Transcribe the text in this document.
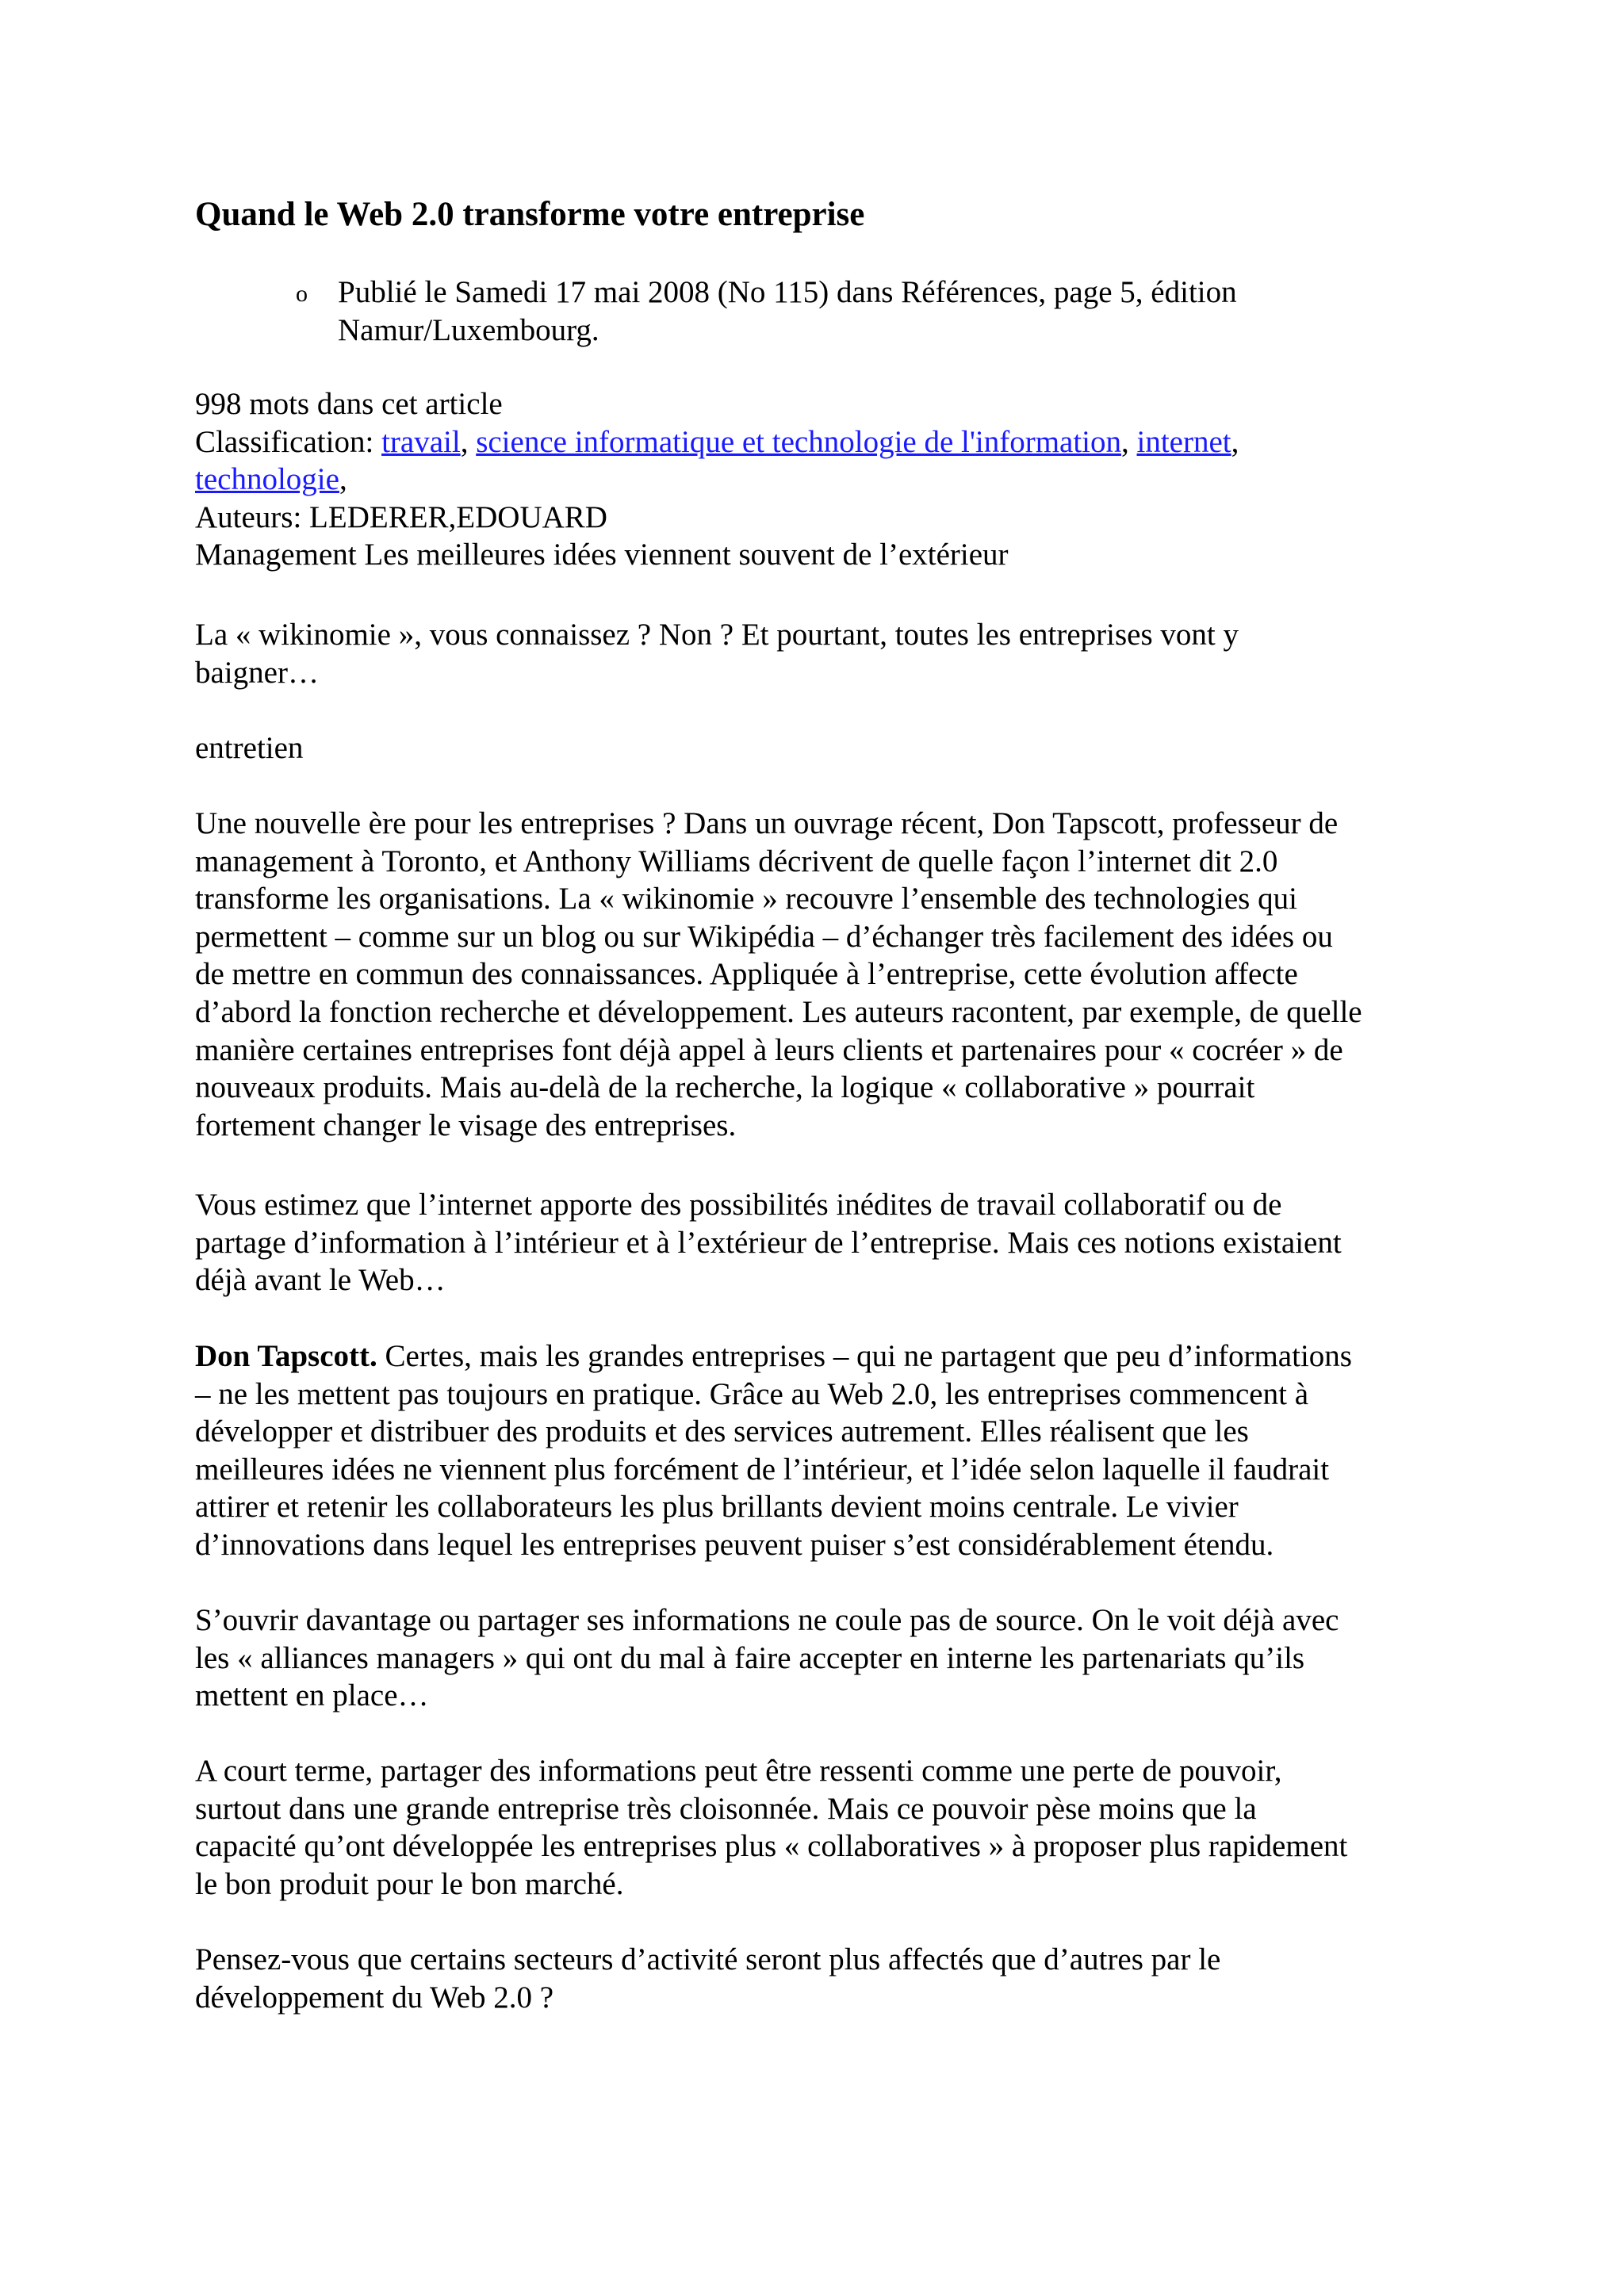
Quand le Web 2.0 transforme votre entreprise
o Publié le Samedi 17 mai 2008 (No 115) dans Références, page 5, édition
Namur/Luxembourg.
998 mots dans cet article
Classification: travail, science informatique et technologie de l'information, internet,
technologie,
Auteurs: LEDERER,EDOUARD
Management Les meilleures idées viennent souvent de l’extérieur
La « wikinomie », vous connaissez ? Non ? Et pourtant, toutes les entreprises vont y
baigner…
entretien
Une nouvelle ère pour les entreprises ? Dans un ouvrage récent, Don Tapscott, professeur de
management à Toronto, et Anthony Williams décrivent de quelle façon l’internet dit 2.0
transforme les organisations. La « wikinomie » recouvre l’ensemble des technologies qui
permettent – comme sur un blog ou sur Wikipédia – d’échanger très facilement des idées ou
de mettre en commun des connaissances. Appliquée à l’entreprise, cette évolution affecte
d’abord la fonction recherche et développement. Les auteurs racontent, par exemple, de quelle
manière certaines entreprises font déjà appel à leurs clients et partenaires pour « cocréer » de
nouveaux produits. Mais au-delà de la recherche, la logique « collaborative » pourrait
fortement changer le visage des entreprises.
Vous estimez que l’internet apporte des possibilités inédites de travail collaboratif ou de
partage d’information à l’intérieur et à l’extérieur de l’entreprise. Mais ces notions existaient
déjà avant le Web…
Don Tapscott. Certes, mais les grandes entreprises – qui ne partagent que peu d’informations
– ne les mettent pas toujours en pratique. Grâce au Web 2.0, les entreprises commencent à
développer et distribuer des produits et des services autrement. Elles réalisent que les
meilleures idées ne viennent plus forcément de l’intérieur, et l’idée selon laquelle il faudrait
attirer et retenir les collaborateurs les plus brillants devient moins centrale. Le vivier
d’innovations dans lequel les entreprises peuvent puiser s’est considérablement étendu.
S’ouvrir davantage ou partager ses informations ne coule pas de source. On le voit déjà avec
les « alliances managers » qui ont du mal à faire accepter en interne les partenariats qu’ils
mettent en place…
A court terme, partager des informations peut être ressenti comme une perte de pouvoir,
surtout dans une grande entreprise très cloisonnée. Mais ce pouvoir pèse moins que la
capacité qu’ont développée les entreprises plus « collaboratives » à proposer plus rapidement
le bon produit pour le bon marché.
Pensez-vous que certains secteurs d’activité seront plus affectés que d’autres par le
développement du Web 2.0 ?
